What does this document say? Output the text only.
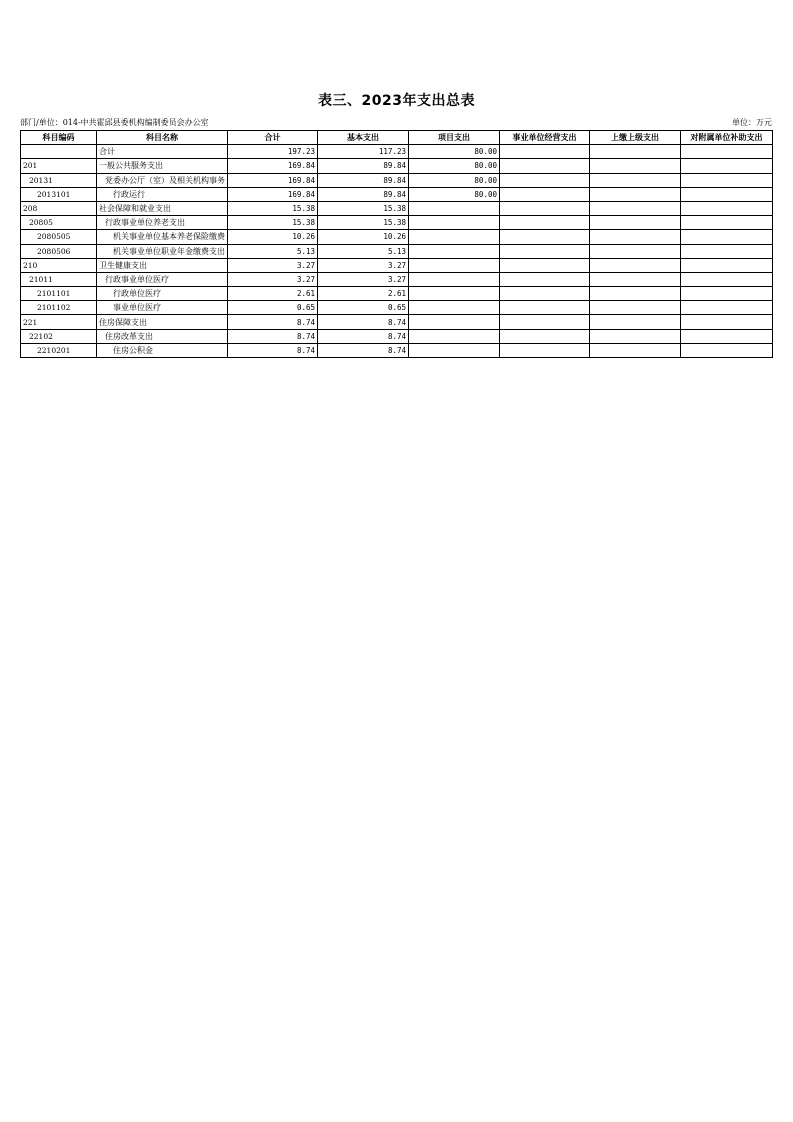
表三、2023年支出总表
部门/单位：014-中共霍邱县委机构编制委员会办公室	单位：万元
科目编码	科目名称	合计	基本支出	项目支出	事业单位经营支出	上缴上级支出	对附属单位补助支出
	合计	197.23	117.23	80.00			
201	一般公共服务支出	169.84	89.84	80.00			
20131	党委办公厅（室）及相关机构事务	169.84	89.84	80.00			
2013101	行政运行	169.84	89.84	80.00			
208	社会保障和就业支出	15.38	15.38				
20805	行政事业单位养老支出	15.38	15.38				
2080505	机关事业单位基本养老保险缴费	10.26	10.26				
2080506	机关事业单位职业年金缴费支出	5.13	5.13				
210	卫生健康支出	3.27	3.27				
21011	行政事业单位医疗	3.27	3.27				
2101101	行政单位医疗	2.61	2.61				
2101102	事业单位医疗	0.65	0.65				
221	住房保障支出	8.74	8.74				
22102	住房改革支出	8.74	8.74				
2210201	住房公积金	8.74	8.74				
